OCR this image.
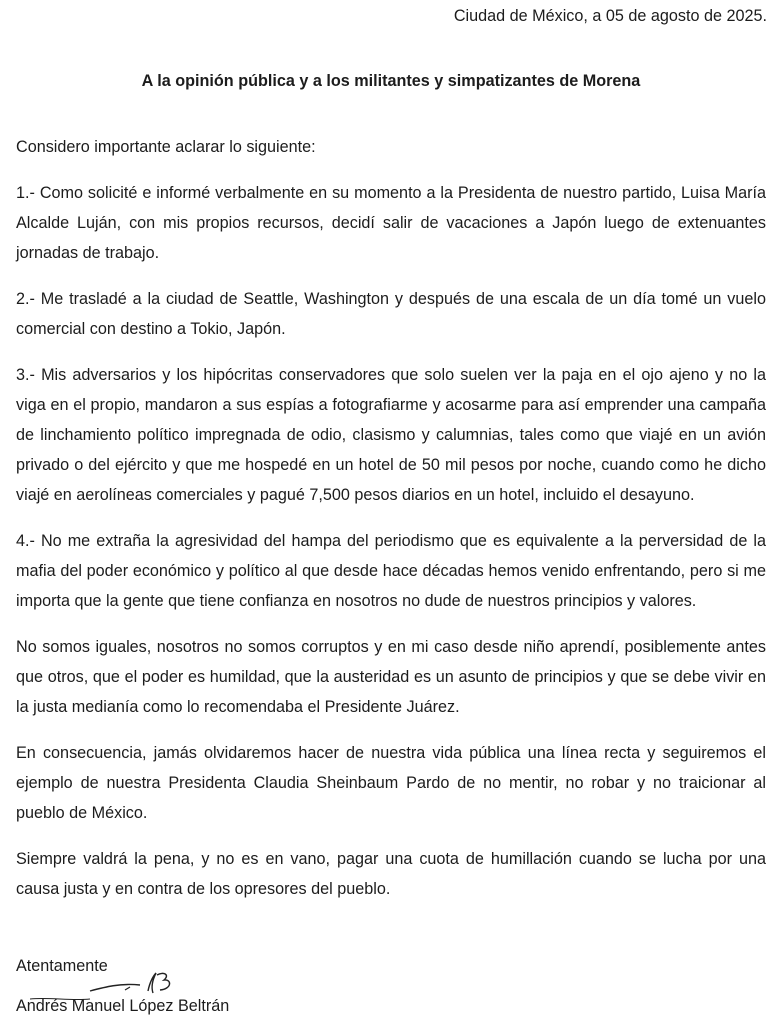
Ciudad de México, a 05 de agosto de 2025.

A la opinión pública y a los militantes y simpatizantes de Morena

Considero importante aclarar lo siguiente:

1.- Como solicité e informé verbalmente en su momento a la Presidenta de nuestro partido, Luisa María Alcalde Luján, con mis propios recursos, decidí salir de vacaciones a Japón luego de extenuantes jornadas de trabajo.

2.- Me trasladé a la ciudad de Seattle, Washington y después de una escala de un día tomé un vuelo comercial con destino a Tokio, Japón.

3.- Mis adversarios y los hipócritas conservadores que solo suelen ver la paja en el ojo ajeno y no la viga en el propio, mandaron a sus espías a fotografiarme y acosarme para así emprender una campaña de linchamiento político impregnada de odio, clasismo y calumnias, tales como que viajé en un avión privado o del ejército y que me hospedé en un hotel de 50 mil pesos por noche, cuando como he dicho viajé en aerolíneas comerciales y pagué 7,500 pesos diarios en un hotel, incluido el desayuno.

4.- No me extraña la agresividad del hampa del periodismo que es equivalente a la perversidad de la mafia del poder económico y político al que desde hace décadas hemos venido enfrentando, pero si me importa que la gente que tiene confianza en nosotros no dude de nuestros principios y valores.

No somos iguales, nosotros no somos corruptos y en mi caso desde niño aprendí, posiblemente antes que otros, que el poder es humildad, que la austeridad es un asunto de principios y que se debe vivir en la justa medianía como lo recomendaba el Presidente Juárez.

En consecuencia, jamás olvidaremos hacer de nuestra vida pública una línea recta y seguiremos el ejemplo de nuestra Presidenta Claudia Sheinbaum Pardo de no mentir, no robar y no traicionar al pueblo de México.

Siempre valdrá la pena, y no es en vano, pagar una cuota de humillación cuando se lucha por una causa justa y en contra de los opresores del pueblo.

Atentamente

Andrés Manuel López Beltrán
